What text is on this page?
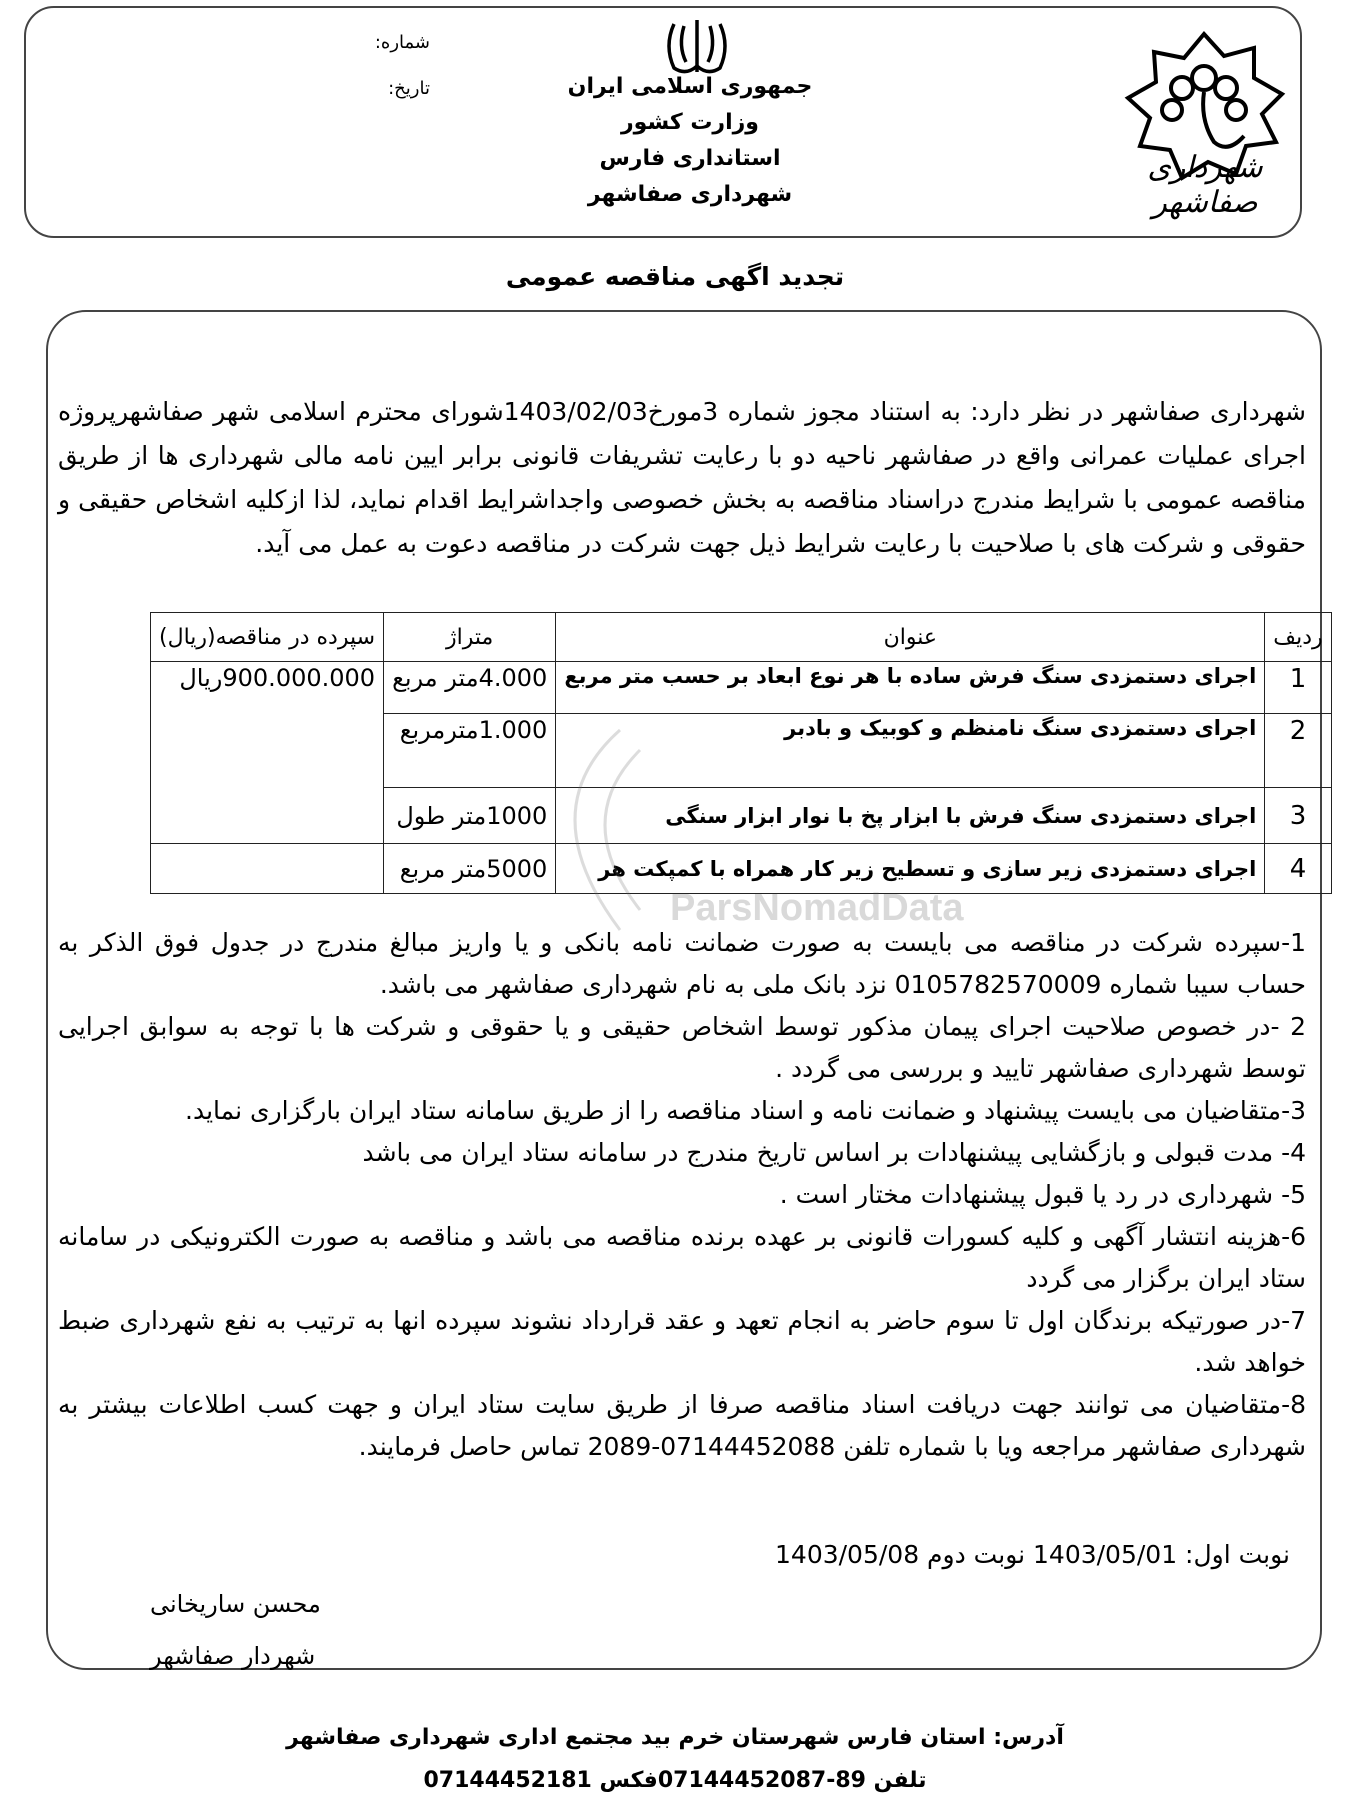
شهرداری صفاشهر
جمهوری اسلامی ایران
وزارت کشور
استانداری فارس
شهرداری صفاشهر
شماره:
تاریخ:
تجدید اگهی مناقصه عمومی
شهرداری صفاشهر در نظر دارد: به استناد مجوز شماره 3مورخ1403/02/03شورای محترم اسلامی شهر صفاشهرپروژه اجرای عملیات عمرانی واقع در صفاشهر ناحیه دو با رعایت تشریفات قانونی برابر ایین نامه مالی شهرداری ها از طریق مناقصه عمومی با شرایط مندرج دراسناد مناقصه به بخش خصوصی واجداشرایط اقدام نماید، لذا ازکلیه اشخاص حقیقی و حقوقی و شرکت های با صلاحیت با رعایت شرایط ذیل جهت شرکت در مناقصه دعوت به عمل می آید.
ردیف	عنوان	متراژ	سپرده در مناقصه(ریال)
1	اجرای دستمزدی سنگ فرش ساده با هر نوع ابعاد بر حسب متر مربع	4.000متر مربع	900.000.000ریال
2	اجرای دستمزدی سنگ نامنظم و کوبیک و بادبر	1.000مترمربع	
3	اجرای دستمزدی سنگ فرش با ابزار پخ با نوار ابزار سنگی	1000متر طول	
4	اجرای دستمزدی زیر سازی و تسطیح زیر کار همراه با کمپکت هر	5000متر مربع	
ParsNomadData

1-سپرده شرکت در مناقصه می بایست به صورت ضمانت نامه بانکی و یا واریز مبالغ مندرج در جدول فوق الذکر به حساب سیبا شماره 0105782570009 نزد بانک ملی به نام شهرداری صفاشهر می باشد.

2 -در خصوص صلاحیت اجرای پیمان مذکور توسط اشخاص حقیقی و یا حقوقی و شرکت ها با توجه به سوابق اجرایی توسط شهرداری صفاشهر تایید و بررسی می گردد .

3-متقاضیان می بایست پیشنهاد و ضمانت نامه و اسناد مناقصه را از طریق سامانه ستاد ایران بارگزاری نماید.

4- مدت قبولی و بازگشایی پیشنهادات بر اساس تاریخ مندرج در سامانه ستاد ایران می باشد

5- شهرداری در رد یا قبول پیشنهادات مختار است .

6-هزینه انتشار آگهی و کلیه کسورات قانونی بر عهده برنده مناقصه می باشد و مناقصه به صورت الکترونیکی در سامانه ستاد ایران برگزار می گردد

7-در صورتیکه برندگان اول تا سوم حاضر به انجام تعهد و عقد قرارداد نشوند سپرده انها به ترتیب به نفع شهرداری ضبط خواهد شد.

8-متقاضیان می توانند جهت دریافت اسناد مناقصه صرفا از طریق سایت ستاد ایران و جهت کسب اطلاعات بیشتر به شهرداری صفاشهر مراجعه ویا با شماره تلفن 07144452088-2089 تماس حاصل فرمایند.

نوبت اول: 1403/05/01 نوبت دوم 1403/05/08
محسن ساریخانی
شهردار صفاشهر
آدرس: استان فارس شهرستان خرم بید مجتمع اداری شهرداری صفاشهر
تلفن 89-07144452087فکس 07144452181
